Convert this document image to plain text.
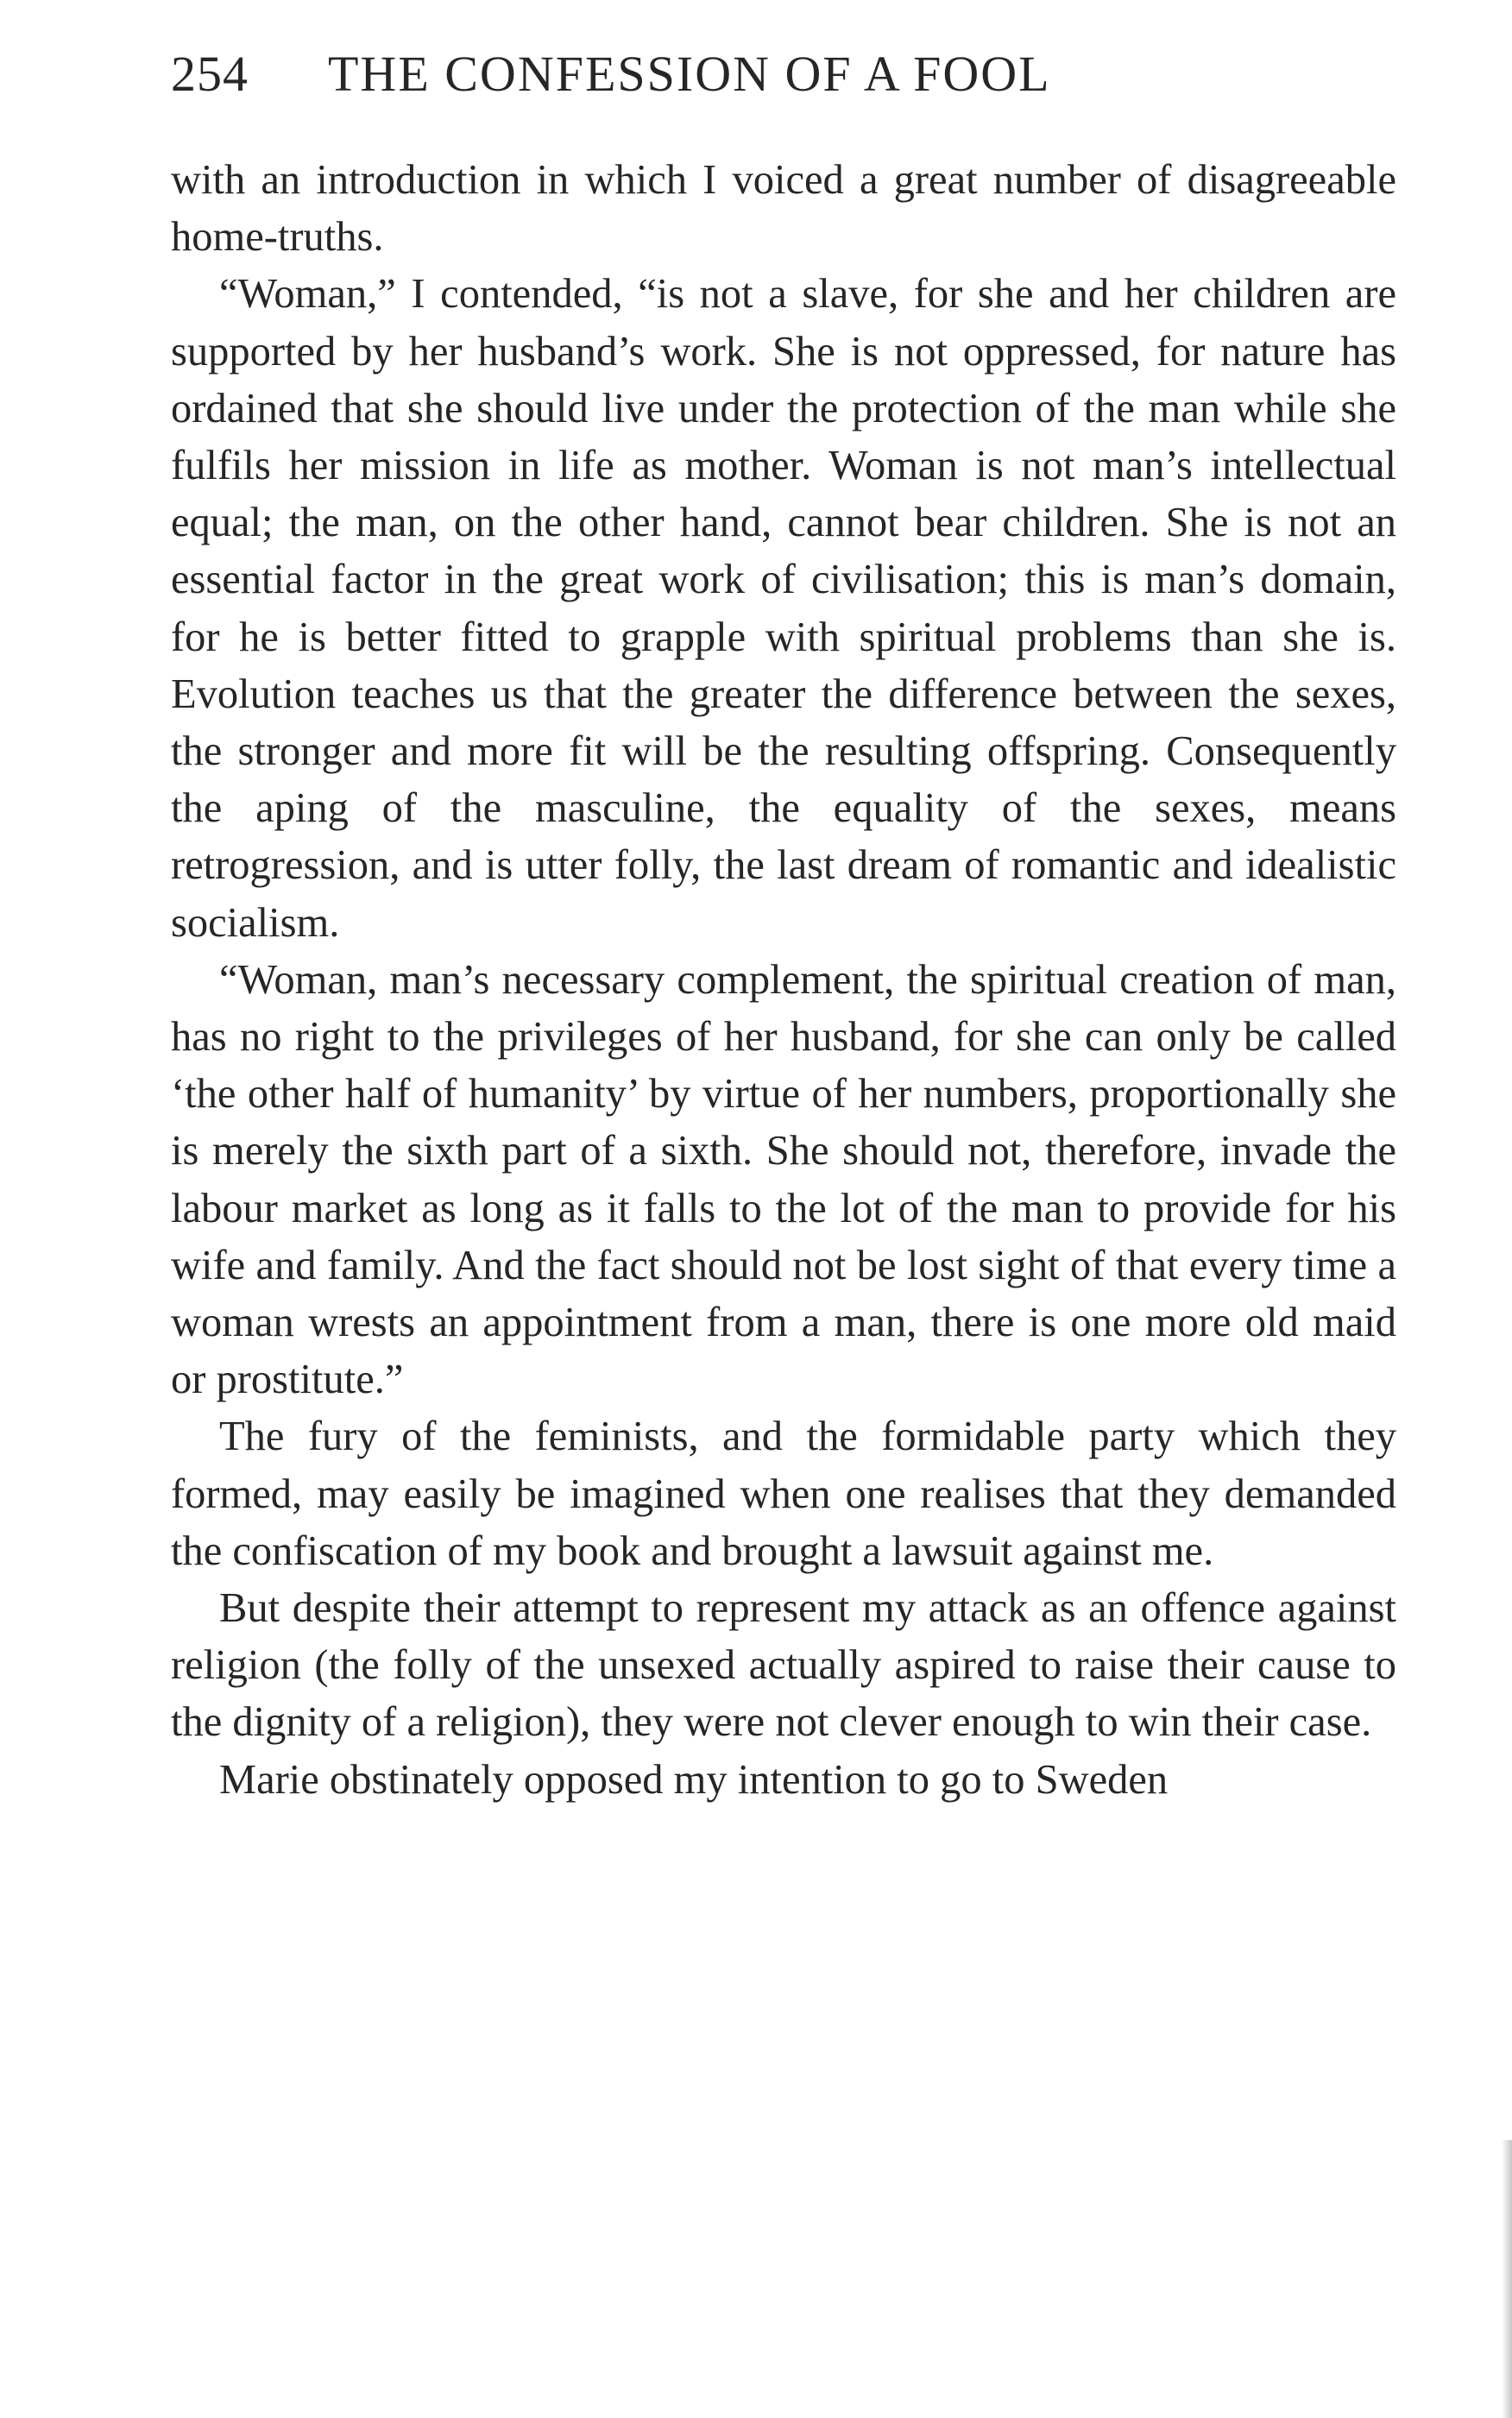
254 THE CONFESSION OF A FOOL

with an introduction in which I voiced a great number of disagreeable home-truths.

“Woman,” I contended, “is not a slave, for she and her children are supported by her husband’s work. She is not oppressed, for nature has ordained that she should live under the protection of the man while she fulfils her mission in life as mother. Woman is not man’s intellectual equal; the man, on the other hand, cannot bear children. She is not an essential factor in the great work of civilisation; this is man’s domain, for he is better fitted to grapple with spiritual problems than she is. Evolution teaches us that the greater the difference between the sexes, the stronger and more fit will be the resulting offspring. Consequently the aping of the masculine, the equality of the sexes, means retrogression, and is utter folly, the last dream of romantic and idealistic socialism.

“Woman, man’s necessary complement, the spiritual creation of man, has no right to the privileges of her husband, for she can only be called ‘the other half of humanity’ by virtue of her numbers, proportionally she is merely the sixth part of a sixth. She should not, therefore, invade the labour market as long as it falls to the lot of the man to provide for his wife and family. And the fact should not be lost sight of that every time a woman wrests an appointment from a man, there is one more old maid or prostitute.”

The fury of the feminists, and the formidable party which they formed, may easily be imagined when one realises that they demanded the confiscation of my book and brought a lawsuit against me.

But despite their attempt to represent my attack as an offence against religion (the folly of the unsexed actually aspired to raise their cause to the dignity of a religion), they were not clever enough to win their case.

Marie obstinately opposed my intention to go to Sweden
